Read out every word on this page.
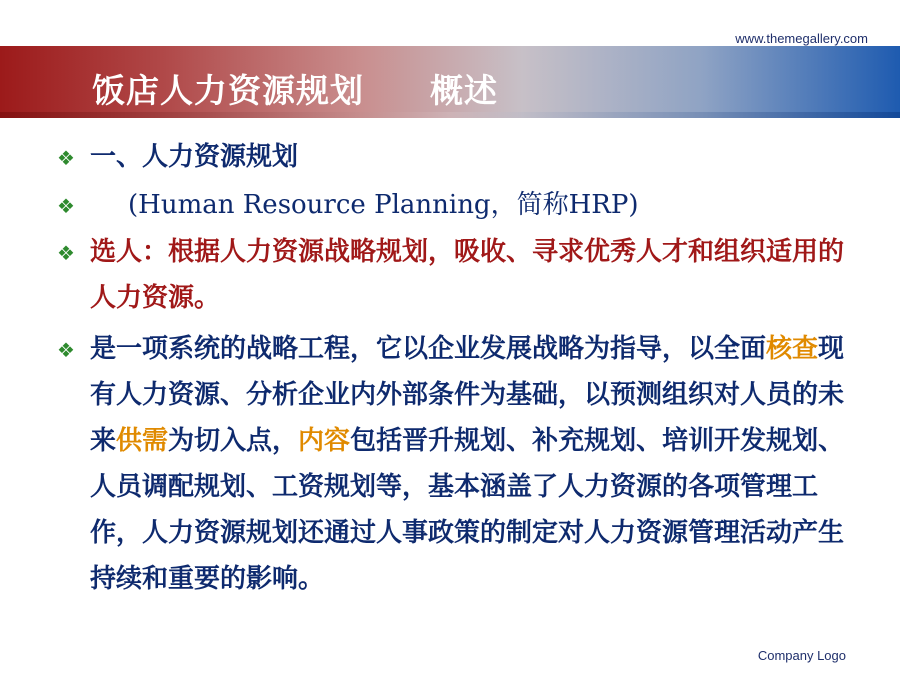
www.themegallery.com
饭店人力资源规划 概述
❖ 一、人力资源规划
❖	(Human Resource Planning，简称HRP)
❖ 选人：根据人力资源战略规划，吸收、寻求优秀人才和组织适用的人力资源。
❖ 是一项系统的战略工程，它以企业发展战略为指导，以全面核查现有人力资源、分析企业内外部条件为基础，以预测组织对人员的未来供需为切入点，内容包括晋升规划、补充规划、培训开发规划、人员调配规划、工资规划等，基本涵盖了人力资源的各项管理工作，人力资源规划还通过人事政策的制定对人力资源管理活动产生持续和重要的影响。
Company Logo
